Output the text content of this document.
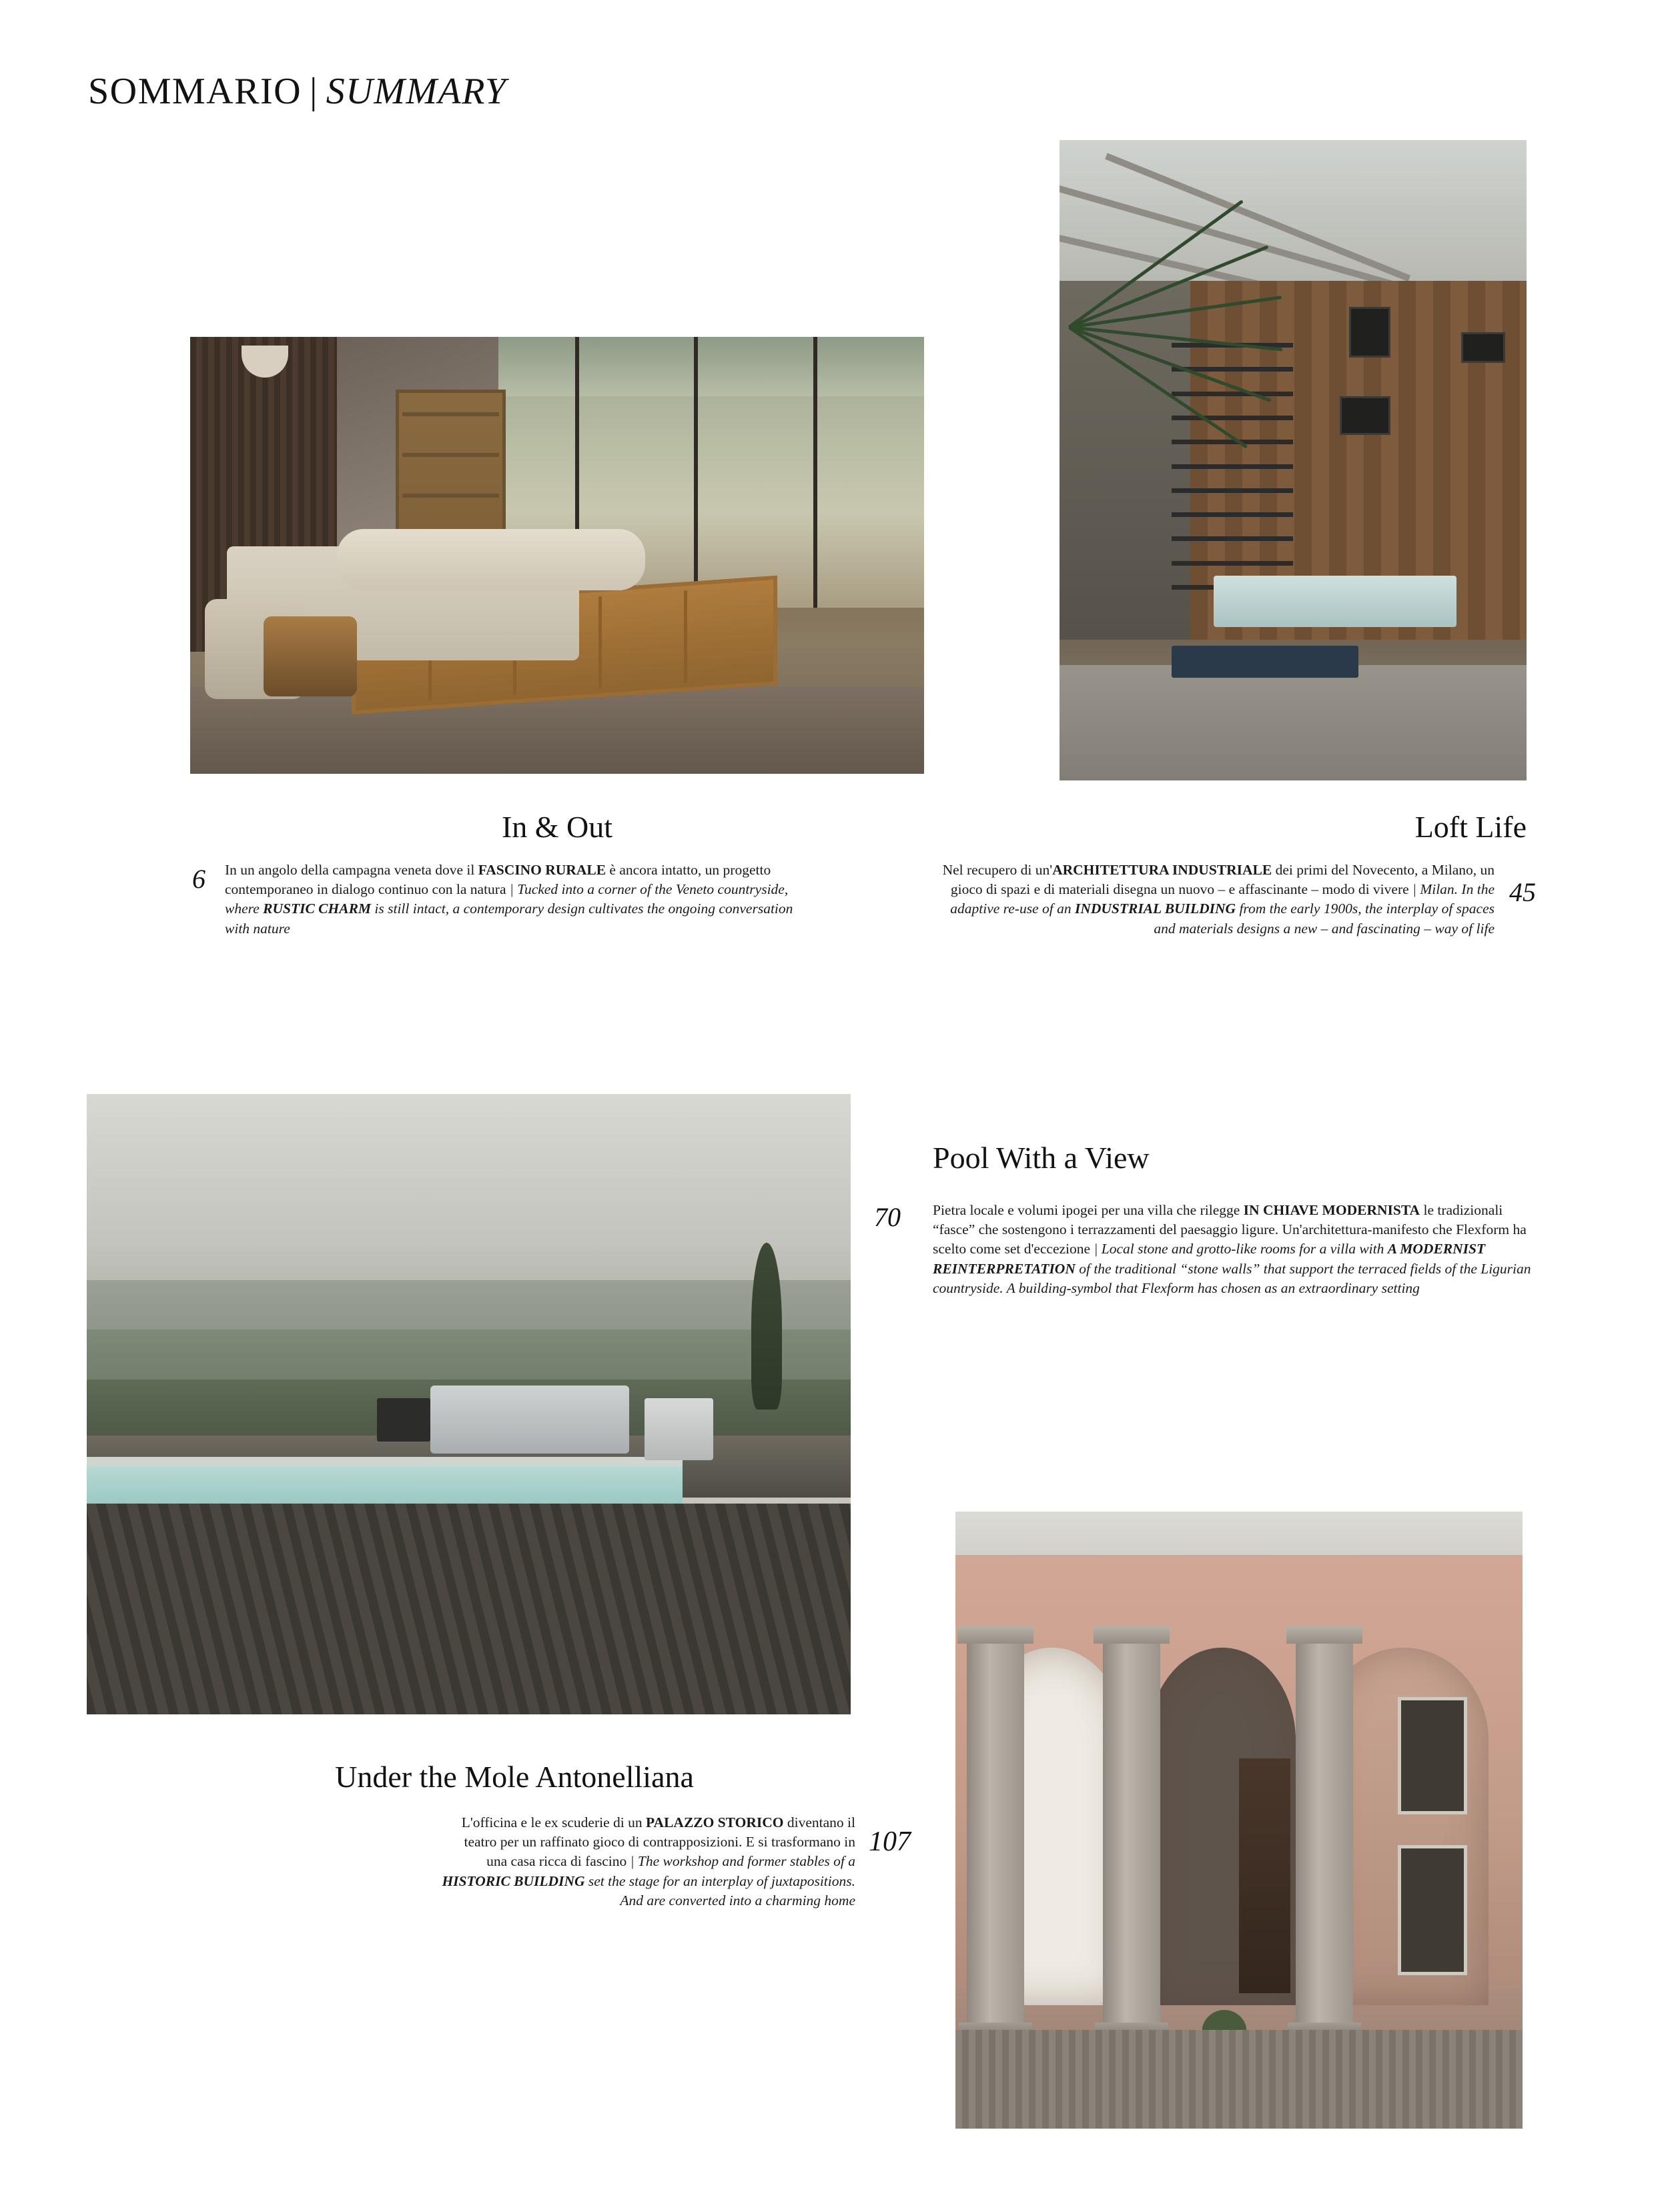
SOMMARIO | SUMMARY
In & Out
6 In un angolo della campagna veneta dove il FASCINO RURALE è ancora intatto, un progetto contemporaneo in dialogo continuo con la natura | Tucked into a corner of the Veneto countryside, where RUSTIC CHARM is still intact, a contemporary design cultivates the ongoing conversation with nature
Loft Life
45
Nel recupero di un'ARCHITETTURA INDUSTRIALE dei primi del Novecento, a Milano, un gioco di spazi e di materiali disegna un nuovo – e affascinante – modo di vivere | Milan. In the adaptive re-use of an INDUSTRIAL BUILDING from the early 1900s, the interplay of spaces and materials designs a new – and fascinating – way of life
Pool With a View
70 Pietra locale e volumi ipogei per una villa che rilegge IN CHIAVE MODERNISTA le tradizionali “fasce” che sostengono i terrazzamenti del paesaggio ligure. Un'architettura-manifesto che Flexform ha scelto come set d'eccezione | Local stone and grotto-like rooms for a villa with A MODERNIST REINTERPRETATION of the traditional “stone walls” that support the terraced fields of the Ligurian countryside. A building-symbol that Flexform has chosen as an extraordinary setting
Under the Mole Antonelliana
107
L'officina e le ex scuderie di un PALAZZO STORICO diventano il teatro per un raffinato gioco di contrapposizioni. E si trasformano in una casa ricca di fascino | The workshop and former stables of a HISTORIC BUILDING set the stage for an interplay of juxtapositions. And are converted into a charming home
